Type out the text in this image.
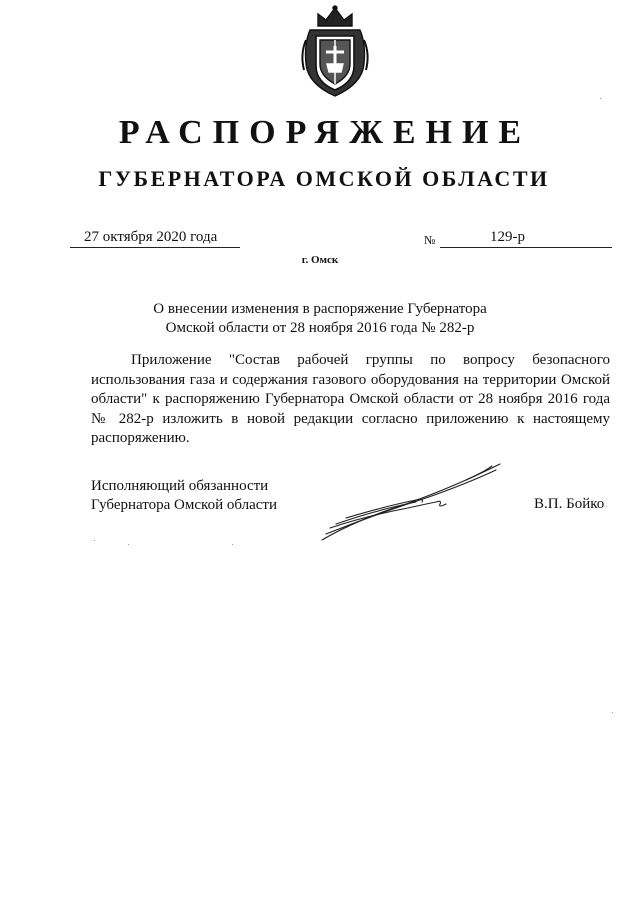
РАСПОРЯЖЕНИЕ
ГУБЕРНАТОРА ОМСКОЙ ОБЛАСТИ
27 октября 2020 года	№	129-р
г. Омск
О внесении изменения в распоряжение Губернатора
Омской области от 28 ноября 2016 года № 282-р

Приложение "Состав рабочей группы по вопросу безопасного использования газа и содержания газового оборудования на территории Омской области" к распоряжению Губернатора Омской области от 28 ноября 2016 года № 282-р изложить в новой редакции согласно приложению к настоящему распоряжению.

Исполняющий обязанности
Губернатора Омской области	В.П. Бойко
